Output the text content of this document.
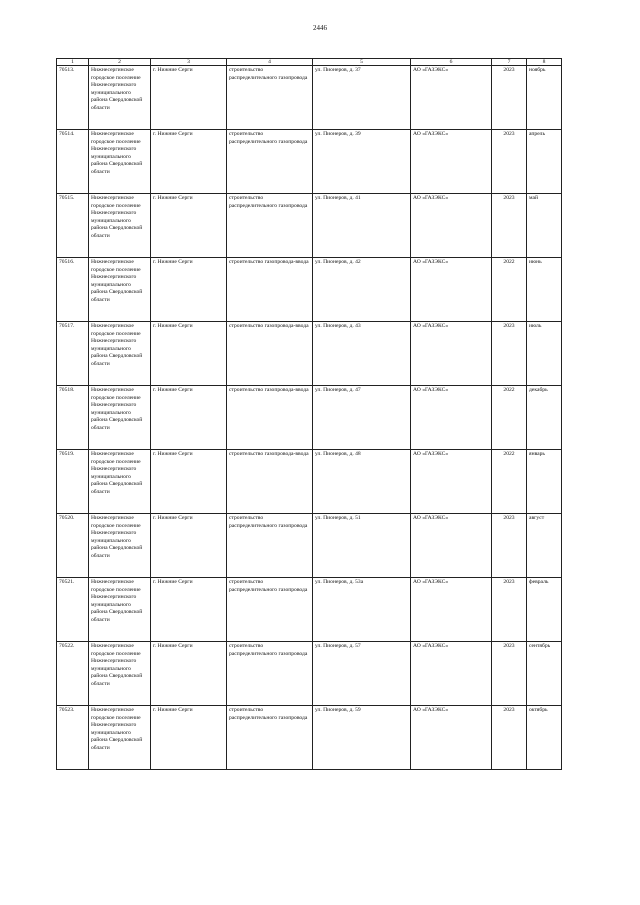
2446
1	2	3	4	5	6	7	8
70513.	Нижнесергинское городское поселение Нижнесергинского муниципального района Свердловской области	г. Нижние Серги	строительство распределительного газопровода	ул. Пионеров, д. 37	АО «ГАЗЭКС»	2023	ноябрь
70514.	Нижнесергинское городское поселение Нижнесергинского муниципального района Свердловской области	г. Нижние Серги	строительство распределительного газопровода	ул. Пионеров, д. 39	АО «ГАЗЭКС»	2023	апрель
70515.	Нижнесергинское городское поселение Нижнесергинского муниципального района Свердловской области	г. Нижние Серги	строительство распределительного газопровода	ул. Пионеров, д. 41	АО «ГАЗЭКС»	2023	май
70516.	Нижнесергинское городское поселение Нижнесергинского муниципального района Свердловской области	г. Нижние Серги	строительство газопровода-ввода	ул. Пионеров, д. 42	АО «ГАЗЭКС»	2022	июнь
70517.	Нижнесергинское городское поселение Нижнесергинского муниципального района Свердловской области	г. Нижние Серги	строительство газопровода-ввода	ул. Пионеров, д. 43	АО «ГАЗЭКС»	2023	июль
70518.	Нижнесергинское городское поселение Нижнесергинского муниципального района Свердловской области	г. Нижние Серги	строительство газопровода-ввода	ул. Пионеров, д. 47	АО «ГАЗЭКС»	2022	декабрь
70519.	Нижнесергинское городское поселение Нижнесергинского муниципального района Свердловской области	г. Нижние Серги	строительство газопровода-ввода	ул. Пионеров, д. 48	АО «ГАЗЭКС»	2022	январь
70520.	Нижнесергинское городское поселение Нижнесергинского муниципального района Свердловской области	г. Нижние Серги	строительство распределительного газопровода	ул. Пионеров, д. 51	АО «ГАЗЭКС»	2023	август
70521.	Нижнесергинское городское поселение Нижнесергинского муниципального района Свердловской области	г. Нижние Серги	строительство распределительного газопровода	ул. Пионеров, д. 53а	АО «ГАЗЭКС»	2023	февраль
70522.	Нижнесергинское городское поселение Нижнесергинского муниципального района Свердловской области	г. Нижние Серги	строительство распределительного газопровода	ул. Пионеров, д. 57	АО «ГАЗЭКС»	2023	сентябрь
70523.	Нижнесергинское городское поселение Нижнесергинского муниципального района Свердловской области	г. Нижние Серги	строительство распределительного газопровода	ул. Пионеров, д. 59	АО «ГАЗЭКС»	2023	октябрь
